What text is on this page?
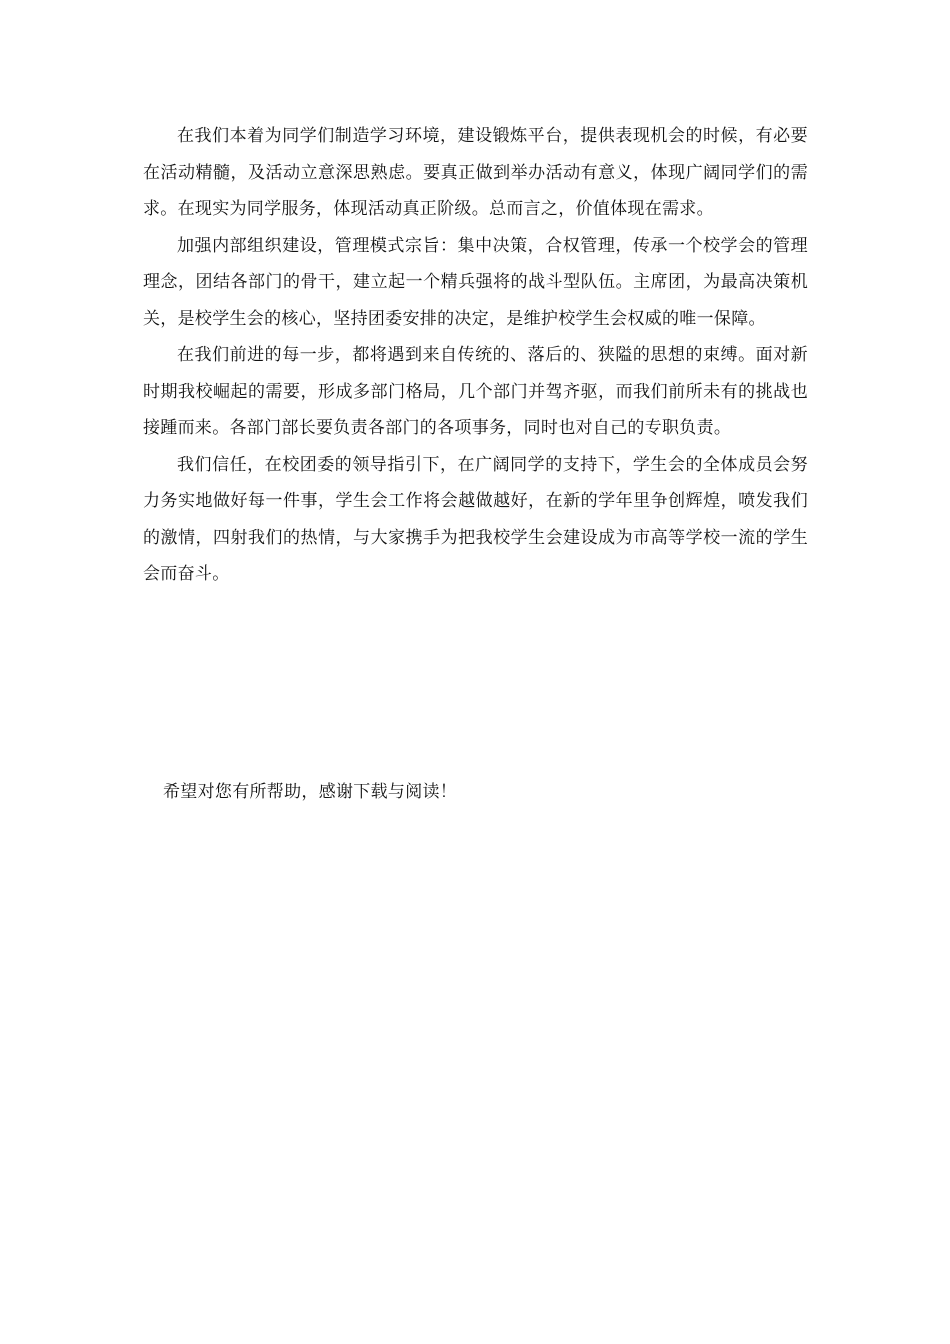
在我们本着为同学们制造学习环境，建设锻炼平台，提供表现机会的时候，有必要在活动精髓，及活动立意深思熟虑。要真正做到举办活动有意义，体现广阔同学们的需求。在现实为同学服务，体现活动真正阶级。总而言之，价值体现在需求。

加强内部组织建设，管理模式宗旨：集中决策，合权管理，传承一个校学会的管理理念，团结各部门的骨干，建立起一个精兵强将的战斗型队伍。主席团，为最高决策机关，是校学生会的核心，坚持团委安排的决定，是维护校学生会权威的唯一保障。

在我们前进的每一步，都将遇到来自传统的、落后的、狭隘的思想的束缚。面对新时期我校崛起的需要，形成多部门格局，几个部门并驾齐驱，而我们前所未有的挑战也接踵而来。各部门部长要负责各部门的各项事务，同时也对自己的专职负责。

我们信任，在校团委的领导指引下，在广阔同学的支持下，学生会的全体成员会努力务实地做好每一件事，学生会工作将会越做越好，在新的学年里争创辉煌，喷发我们的激情，四射我们的热情，与大家携手为把我校学生会建设成为市高等学校一流的学生会而奋斗。

希望对您有所帮助，感谢下载与阅读！
